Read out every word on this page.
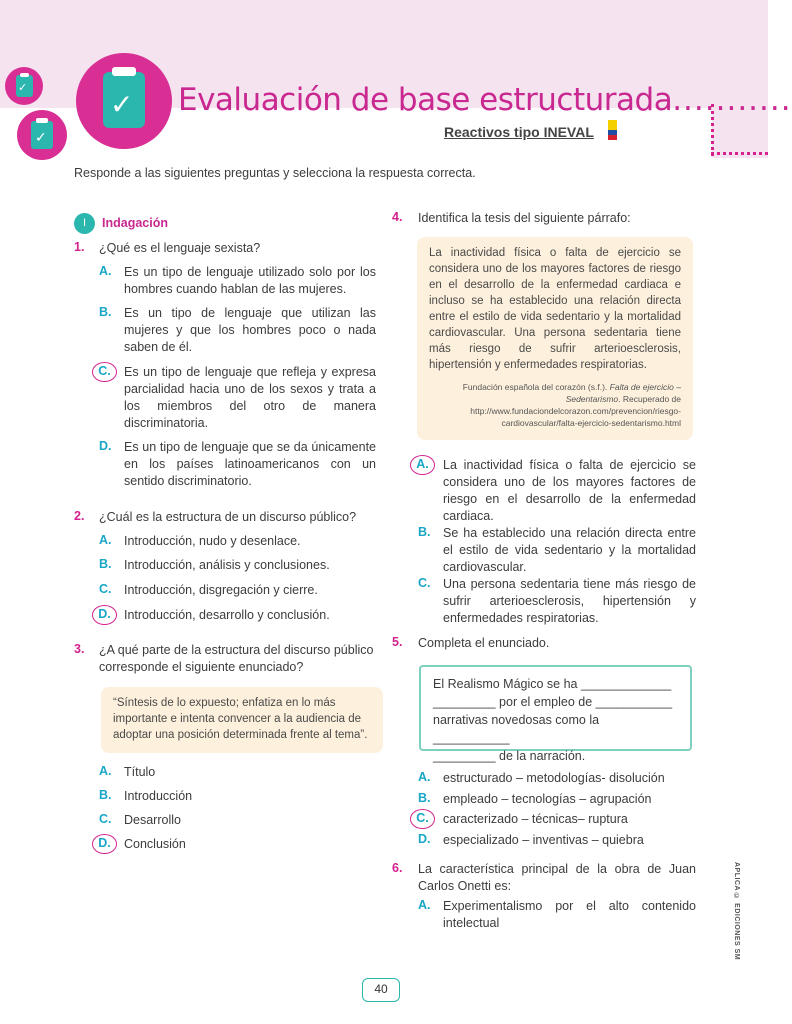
✓
✓
✓ Evaluación de base estructurada...........
Reactivos tipo INEVAL
Responde a las siguientes preguntas y selecciona la respuesta correcta.
I	Indagación
1. ¿Qué es el lenguaje sexista?
A. Es un tipo de lenguaje utilizado solo por los hombres cuando hablan de las mujeres.
B. Es un tipo de lenguaje que utilizan las mujeres y que los hombres poco o nada saben de él.
C.	Es un tipo de lenguaje que refleja y expresa parcialidad hacia uno de los sexos y trata a los miembros del otro de manera discriminatoria.
D. Es un tipo de lenguaje que se da únicamente en los países latinoamericanos con un sentido discriminatorio.
2. ¿Cuál es la estructura de un discurso público?
A. Introducción, nudo y desenlace.
B. Introducción, análisis y conclusiones.
C. Introducción, disgregación y cierre.
D.	Introducción, desarrollo y conclusión.
3. ¿A qué parte de la estructura del discurso público corresponde el siguiente enunciado?
“Síntesis de lo expuesto; enfatiza en lo más importante e intenta convencer a la audiencia de adoptar una posición determinada frente al tema”.
A. Título
B. Introducción
C. Desarrollo
D.	Conclusión
4. Identifica la tesis del siguiente párrafo:
La inactividad física o falta de ejercicio se considera uno de los mayores factores de riesgo en el desarrollo de la enfermedad cardiaca e incluso se ha establecido una relación directa entre el estilo de vida sedentario y la mortalidad cardiovascular. Una persona sedentaria tiene más riesgo de sufrir arterioesclerosis, hipertensión y enfermedades respiratorias.
Fundación española del corazón (s.f.). Falta de ejercicio – Sedentarismo. Recuperado de http://www.fundaciondelcorazon.com/prevencion/riesgo-cardiovascular/falta-ejercicio-sedentarismo.html
A.	La inactividad física o falta de ejercicio se considera uno de los mayores factores de riesgo en el desarrollo de la enfermedad cardiaca.
B. Se ha establecido una relación directa entre el estilo de vida sedentario y la mortalidad cardiovascular.
C. Una persona sedentaria tiene más riesgo de sufrir arterioesclerosis, hipertensión y enfermedades respiratorias.
5. Completa el enunciado.
El Realismo Mágico se ha _____________
_________ por el empleo de ___________
narrativas novedosas como la ___________
_________ de la narración.
A. estructurado – metodologías- disolución
B. empleado – tecnologías – agrupación
C.	caracterizado – técnicas– ruptura
D. especializado – inventivas – quiebra
6. La característica principal de la obra de Juan Carlos Onetti es:
A. Experimentalismo por el alto contenido intelectual	APLICA © EDICIONES SM
40
